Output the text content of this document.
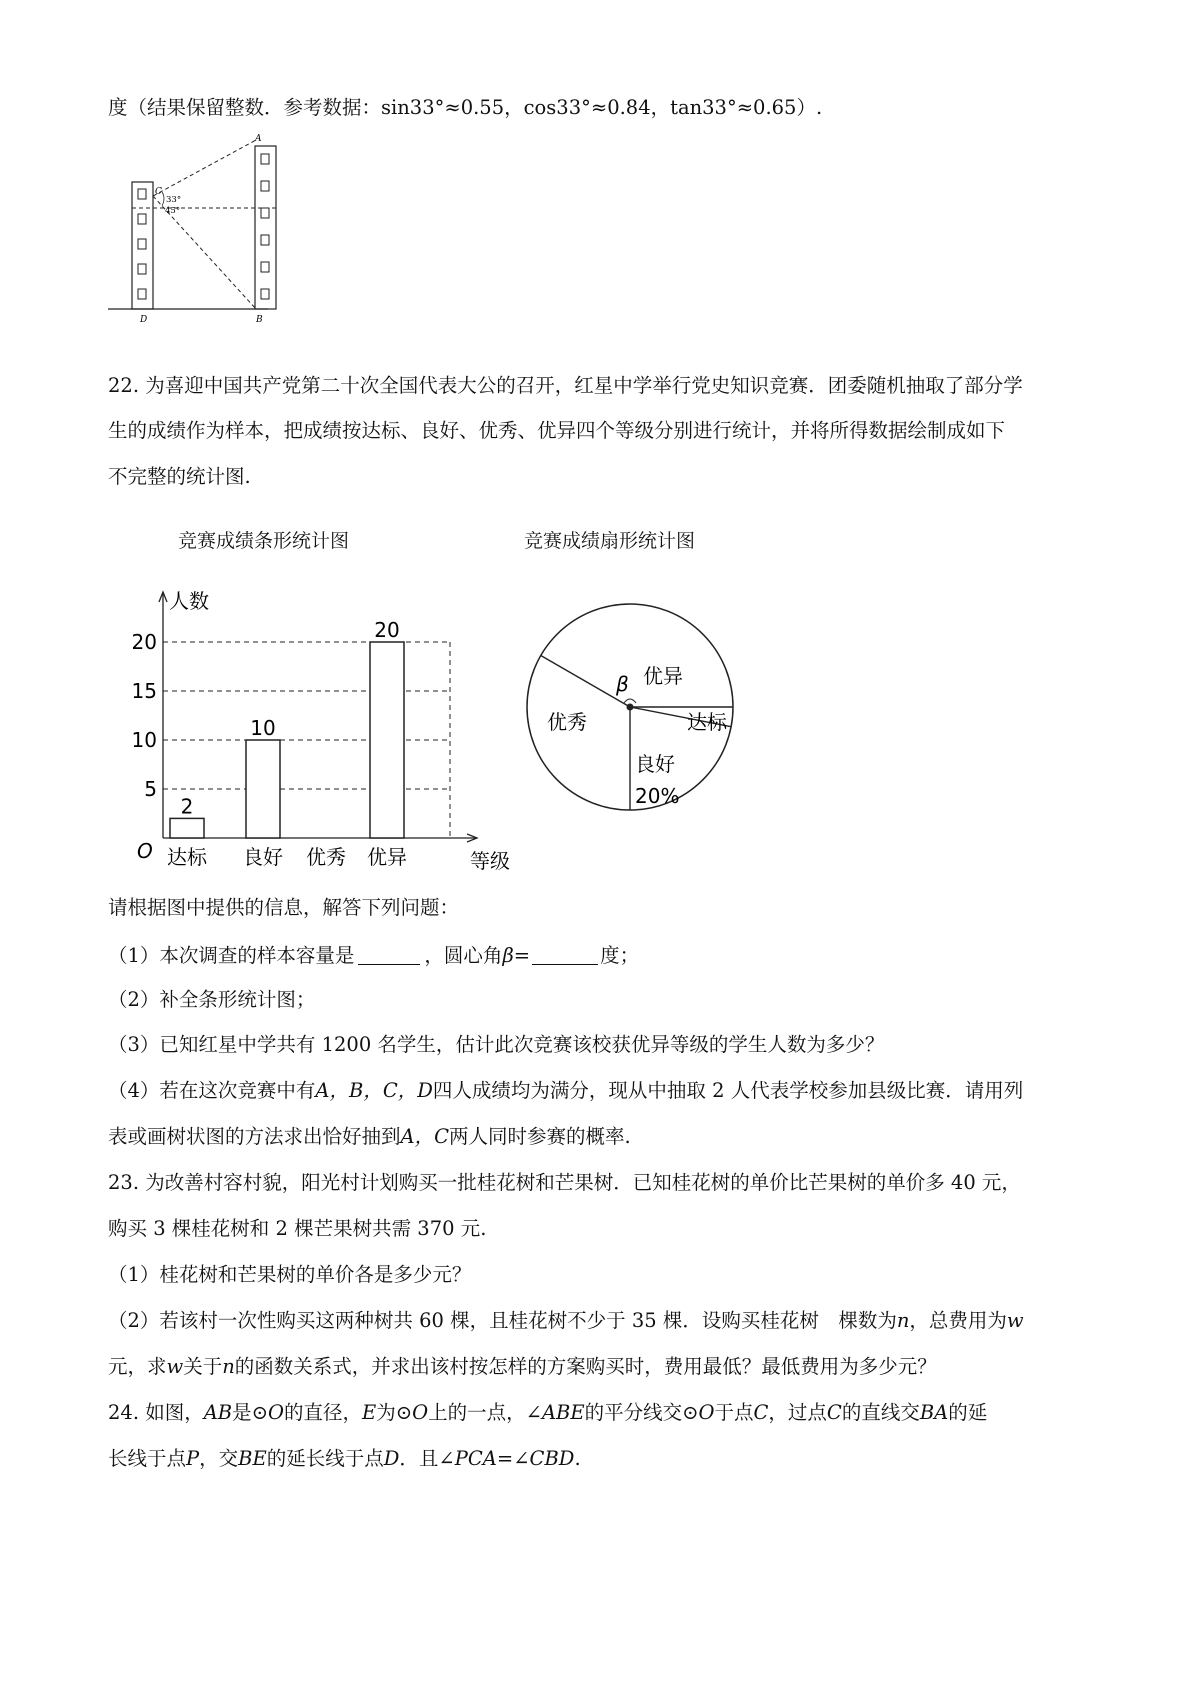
度（结果保留整数．参考数据：sin33°≈0.55，cos33°≈0.84，tan33°≈0.65）.
A
C
33°
45°
D	B
22. 为喜迎中国共产党第二十次全国代表大公的召开，红星中学举行党史知识竞赛．团委随机抽取了部分学
生的成绩作为样本，把成绩按达标、良好、优秀、优异四个等级分别进行统计，并将所得数据绘制成如下
不完整的统计图.
竞赛成绩条形统计图	竞赛成绩扇形统计图
5
10
15
20
人数
等级
O 达标
2
良好
10
优秀 优异
20
β 优异
达标
良好
优秀
20%
请根据图中提供的信息，解答下列问题：
（1）本次调查的样本容量是	，圆心角β=	度；
（2）补全条形统计图；
（3）已知红星中学共有 1200 名学生，估计此次竞赛该校获优异等级的学生人数为多少？
（4）若在这次竞赛中有A，B，C，D四人成绩均为满分，现从中抽取 2 人代表学校参加县级比赛．请用列
表或画树状图的方法求出恰好抽到A，C两人同时参赛的概率.
23. 为改善村容村貌，阳光村计划购买一批桂花树和芒果树．已知桂花树的单价比芒果树的单价多 40 元，
购买 3 棵桂花树和 2 棵芒果树共需 370 元.
（1）桂花树和芒果树的单价各是多少元？
（2）若该村一次性购买这两种树共 60 棵，且桂花树不少于 35 棵．设购买桂花树　棵数为n，总费用为w
元，求w关于n的函数关系式，并求出该村按怎样的方案购买时，费用最低？最低费用为多少元？
24. 如图，AB是⊙O的直径，E为⊙O上的一点，∠ABE的平分线交⊙O于点C，过点C的直线交BA的延
长线于点P，交BE的延长线于点D．且∠PCA=∠CBD.
